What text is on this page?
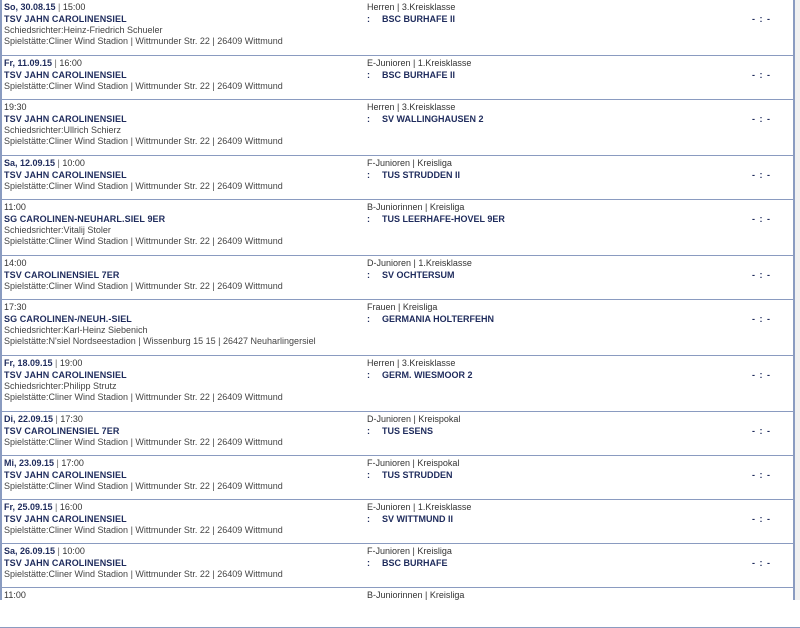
So, 30.08.15 | 15:00
TSV JAHN CAROLINENSIEL
Schiedsrichter:Heinz-Friedrich Schueler
Spielstätte:Cliner Wind Stadion | Wittmunder Str. 22 | 26409 Wittmund
Herren | 3.Kreisklasse
: BSC BURHAFE II	- : -
Fr, 11.09.15 | 16:00
TSV JAHN CAROLINENSIEL
Spielstätte:Cliner Wind Stadion | Wittmunder Str. 22 | 26409 Wittmund
E-Junioren | 1.Kreisklasse
: BSC BURHAFE II	- : -
19:30
TSV JAHN CAROLINENSIEL
Schiedsrichter:Ullrich Schierz
Spielstätte:Cliner Wind Stadion | Wittmunder Str. 22 | 26409 Wittmund
Herren | 3.Kreisklasse
: SV WALLINGHAUSEN 2	- : -
Sa, 12.09.15 | 10:00
TSV JAHN CAROLINENSIEL
Spielstätte:Cliner Wind Stadion | Wittmunder Str. 22 | 26409 Wittmund
F-Junioren | Kreisliga
: TUS STRUDDEN II	- : -
11:00
SG CAROLINEN-NEUHARL.SIEL 9ER
Schiedsrichter:Vitalij Stoler
Spielstätte:Cliner Wind Stadion | Wittmunder Str. 22 | 26409 Wittmund
B-Juniorinnen | Kreisliga
: TUS LEERHAFE-HOVEL 9ER	- : -
14:00
TSV CAROLINENSIEL 7ER
Spielstätte:Cliner Wind Stadion | Wittmunder Str. 22 | 26409 Wittmund
D-Junioren | 1.Kreisklasse
: SV OCHTERSUM	- : -
17:30
SG CAROLINEN-/NEUH.-SIEL
Schiedsrichter:Karl-Heinz Siebenich
Spielstätte:N'siel Nordseestadion | Wissenburg 15 15 | 26427 Neuharlingersiel
Frauen | Kreisliga
: GERMANIA HOLTERFEHN	- : -
Fr, 18.09.15 | 19:00
TSV JAHN CAROLINENSIEL
Schiedsrichter:Philipp Strutz
Spielstätte:Cliner Wind Stadion | Wittmunder Str. 22 | 26409 Wittmund
Herren | 3.Kreisklasse
: GERM. WIESMOOR 2	- : -
Di, 22.09.15 | 17:30
TSV CAROLINENSIEL 7ER
Spielstätte:Cliner Wind Stadion | Wittmunder Str. 22 | 26409 Wittmund
D-Junioren | Kreispokal
: TUS ESENS	- : -
Mi, 23.09.15 | 17:00
TSV JAHN CAROLINENSIEL
Spielstätte:Cliner Wind Stadion | Wittmunder Str. 22 | 26409 Wittmund
F-Junioren | Kreispokal
: TUS STRUDDEN	- : -
Fr, 25.09.15 | 16:00
TSV JAHN CAROLINENSIEL
Spielstätte:Cliner Wind Stadion | Wittmunder Str. 22 | 26409 Wittmund
E-Junioren | 1.Kreisklasse
: SV WITTMUND II	- : -
Sa, 26.09.15 | 10:00
TSV JAHN CAROLINENSIEL
Spielstätte:Cliner Wind Stadion | Wittmunder Str. 22 | 26409 Wittmund
F-Junioren | Kreisliga
: BSC BURHAFE	- : -
11:00	B-Juniorinnen | Kreisliga
